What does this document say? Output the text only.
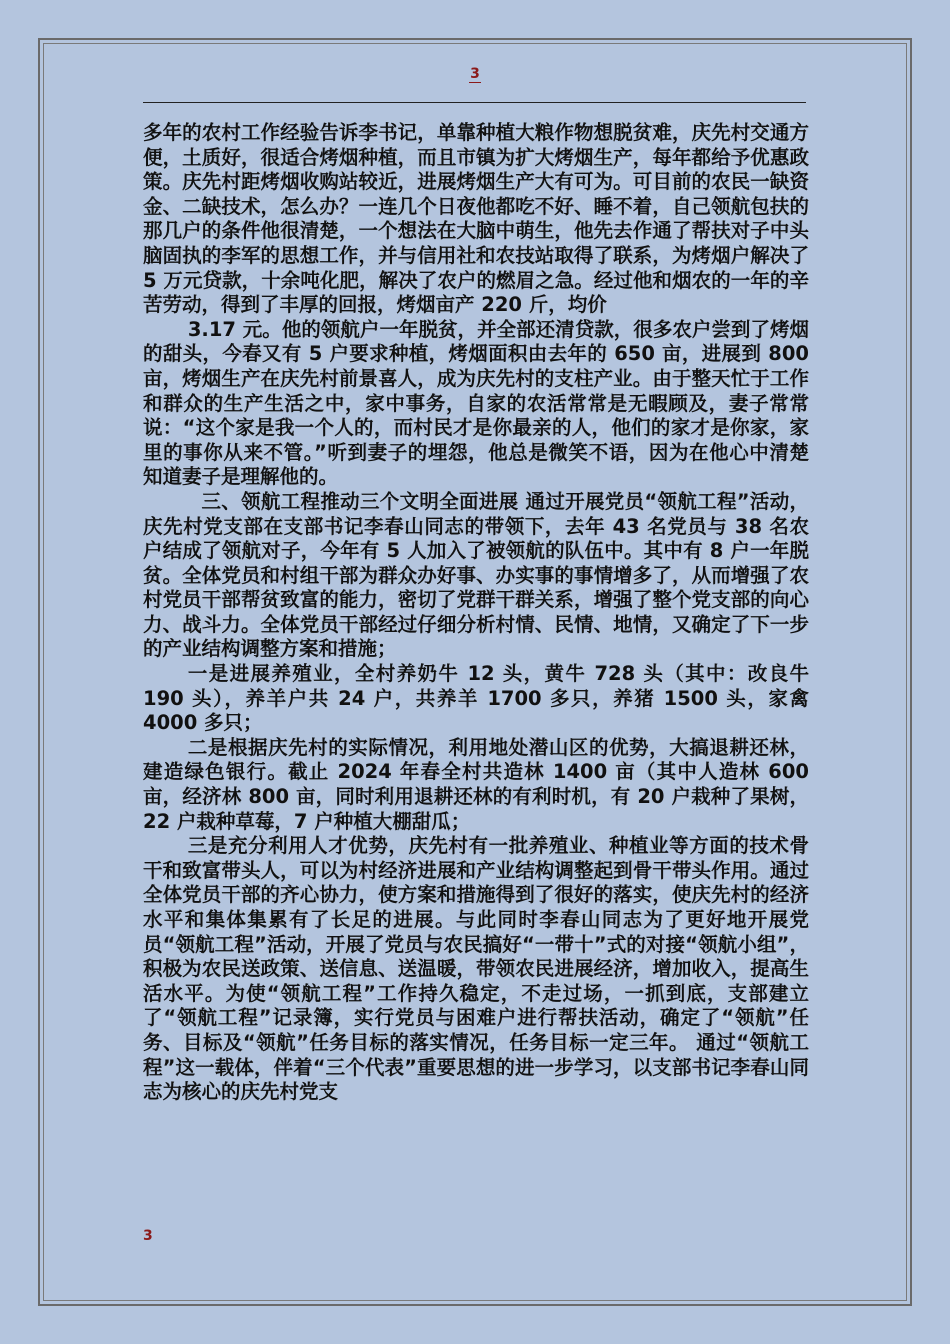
3

多年的农村工作经验告诉李书记，单靠种植大粮作物想脱贫难，庆先村交通方便，土质好，很适合烤烟种植，而且市镇为扩大烤烟生产，每年都给予优惠政策。庆先村距烤烟收购站较近，进展烤烟生产大有可为。可目前的农民一缺资金、二缺技术，怎么办？一连几个日夜他都吃不好、睡不着，自己领航包扶的那几户的条件他很清楚，一个想法在大脑中萌生，他先去作通了帮扶对子中头脑固执的李军的思想工作，并与信用社和农技站取得了联系，为烤烟户解决了 5 万元贷款，十余吨化肥，解决了农户的燃眉之急。经过他和烟农的一年的辛苦劳动，得到了丰厚的回报，烤烟亩产 220 斤，均价

3.17 元。他的领航户一年脱贫，并全部还清贷款，很多农户尝到了烤烟的甜头，今春又有 5 户要求种植，烤烟面积由去年的 650 亩，进展到 800 亩，烤烟生产在庆先村前景喜人，成为庆先村的支柱产业。由于整天忙于工作和群众的生产生活之中，家中事务，自家的农活常常是无暇顾及，妻子常常说：“这个家是我一个人的，而村民才是你最亲的人，他们的家才是你家，家里的事你从来不管。”听到妻子的埋怨，他总是微笑不语，因为在他心中清楚知道妻子是理解他的。

三、领航工程推动三个文明全面进展 通过开展党员“领航工程”活动，庆先村党支部在支部书记李春山同志的带领下，去年 43 名党员与 38 名农户结成了领航对子，今年有 5 人加入了被领航的队伍中。其中有 8 户一年脱贫。全体党员和村组干部为群众办好事、办实事的事情增多了，从而增强了农村党员干部帮贫致富的能力，密切了党群干群关系，增强了整个党支部的向心力、战斗力。全体党员干部经过仔细分析村情、民情、地情，又确定了下一步的产业结构调整方案和措施；

一是进展养殖业，全村养奶牛 12 头，黄牛 728 头（其中：改良牛 190 头），养羊户共 24 户，共养羊 1700 多只，养猪 1500 头，家禽 4000 多只；

二是根据庆先村的实际情况，利用地处潜山区的优势，大搞退耕还林，建造绿色银行。截止 2024 年春全村共造林 1400 亩（其中人造林 600 亩，经济林 800 亩，同时利用退耕还林的有利时机，有 20 户栽种了果树，22 户栽种草莓，7 户种植大棚甜瓜；

三是充分利用人才优势，庆先村有一批养殖业、种植业等方面的技术骨干和致富带头人，可以为村经济进展和产业结构调整起到骨干带头作用。通过全体党员干部的齐心协力，使方案和措施得到了很好的落实，使庆先村的经济水平和集体集累有了长足的进展。与此同时李春山同志为了更好地开展党员“领航工程”活动，开展了党员与农民搞好“一带十”式的对接“领航小组”，积极为农民送政策、送信息、送温暖，带领农民进展经济，增加收入，提高生活水平。为使“领航工程”工作持久稳定，不走过场，一抓到底，支部建立了“领航工程”记录簿，实行党员与困难户进行帮扶活动，确定了“领航”任务、目标及“领航”任务目标的落实情况，任务目标一定三年。 通过“领航工程”这一载体，伴着“三个代表”重要思想的进一步学习，以支部书记李春山同志为核心的庆先村党支

3
